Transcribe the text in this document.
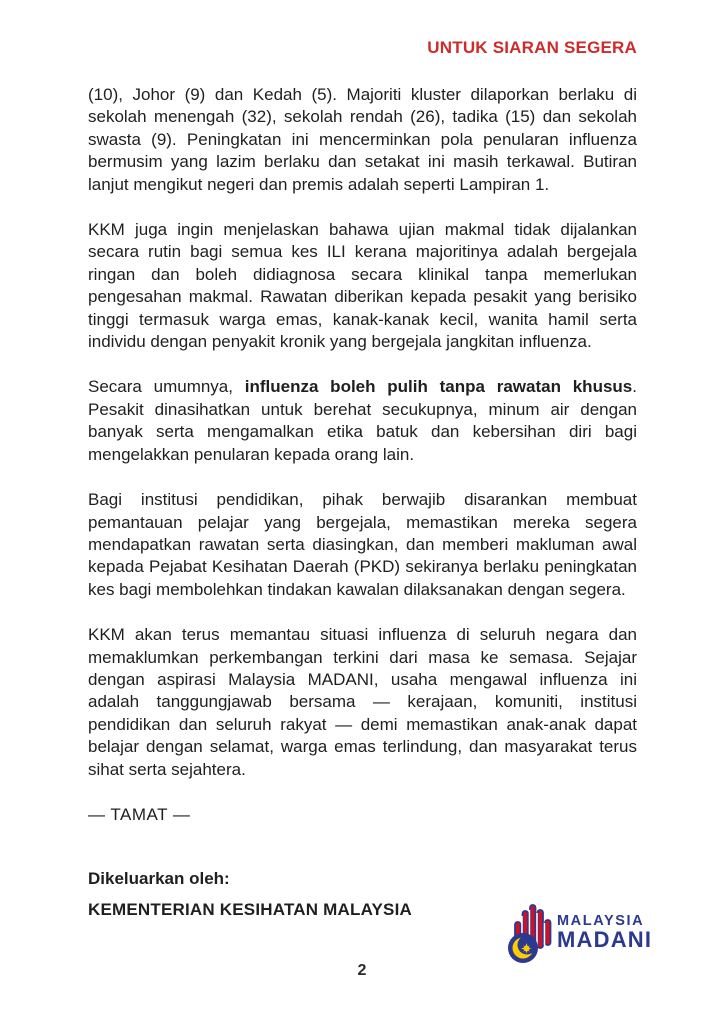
UNTUK SIARAN SEGERA

(10), Johor (9) dan Kedah (5). Majoriti kluster dilaporkan berlaku di sekolah menengah (32), sekolah rendah (26), tadika (15) dan sekolah swasta (9). Peningkatan ini mencerminkan pola penularan influenza bermusim yang lazim berlaku dan setakat ini masih terkawal. Butiran lanjut mengikut negeri dan premis adalah seperti Lampiran 1.

KKM juga ingin menjelaskan bahawa ujian makmal tidak dijalankan secara rutin bagi semua kes ILI kerana majoritinya adalah bergejala ringan dan boleh didiagnosa secara klinikal tanpa memerlukan pengesahan makmal. Rawatan diberikan kepada pesakit yang berisiko tinggi termasuk warga emas, kanak-kanak kecil, wanita hamil serta individu dengan penyakit kronik yang bergejala jangkitan influenza.

Secara umumnya, influenza boleh pulih tanpa rawatan khusus. Pesakit dinasihatkan untuk berehat secukupnya, minum air dengan banyak serta mengamalkan etika batuk dan kebersihan diri bagi mengelakkan penularan kepada orang lain.

Bagi institusi pendidikan, pihak berwajib disarankan membuat pemantauan pelajar yang bergejala, memastikan mereka segera mendapatkan rawatan serta diasingkan, dan memberi makluman awal kepada Pejabat Kesihatan Daerah (PKD) sekiranya berlaku peningkatan kes bagi membolehkan tindakan kawalan dilaksanakan dengan segera.

KKM akan terus memantau situasi influenza di seluruh negara dan memaklumkan perkembangan terkini dari masa ke semasa. Sejajar dengan aspirasi Malaysia MADANI, usaha mengawal influenza ini adalah tanggungjawab bersama — kerajaan, komuniti, institusi pendidikan dan seluruh rakyat — demi memastikan anak-anak dapat belajar dengan selamat, warga emas terlindung, dan masyarakat terus sihat serta sejahtera.

— TAMAT —

Dikeluarkan oleh:

KEMENTERIAN KESIHATAN MALAYSIA

MALAYSIA
MADANI
2
